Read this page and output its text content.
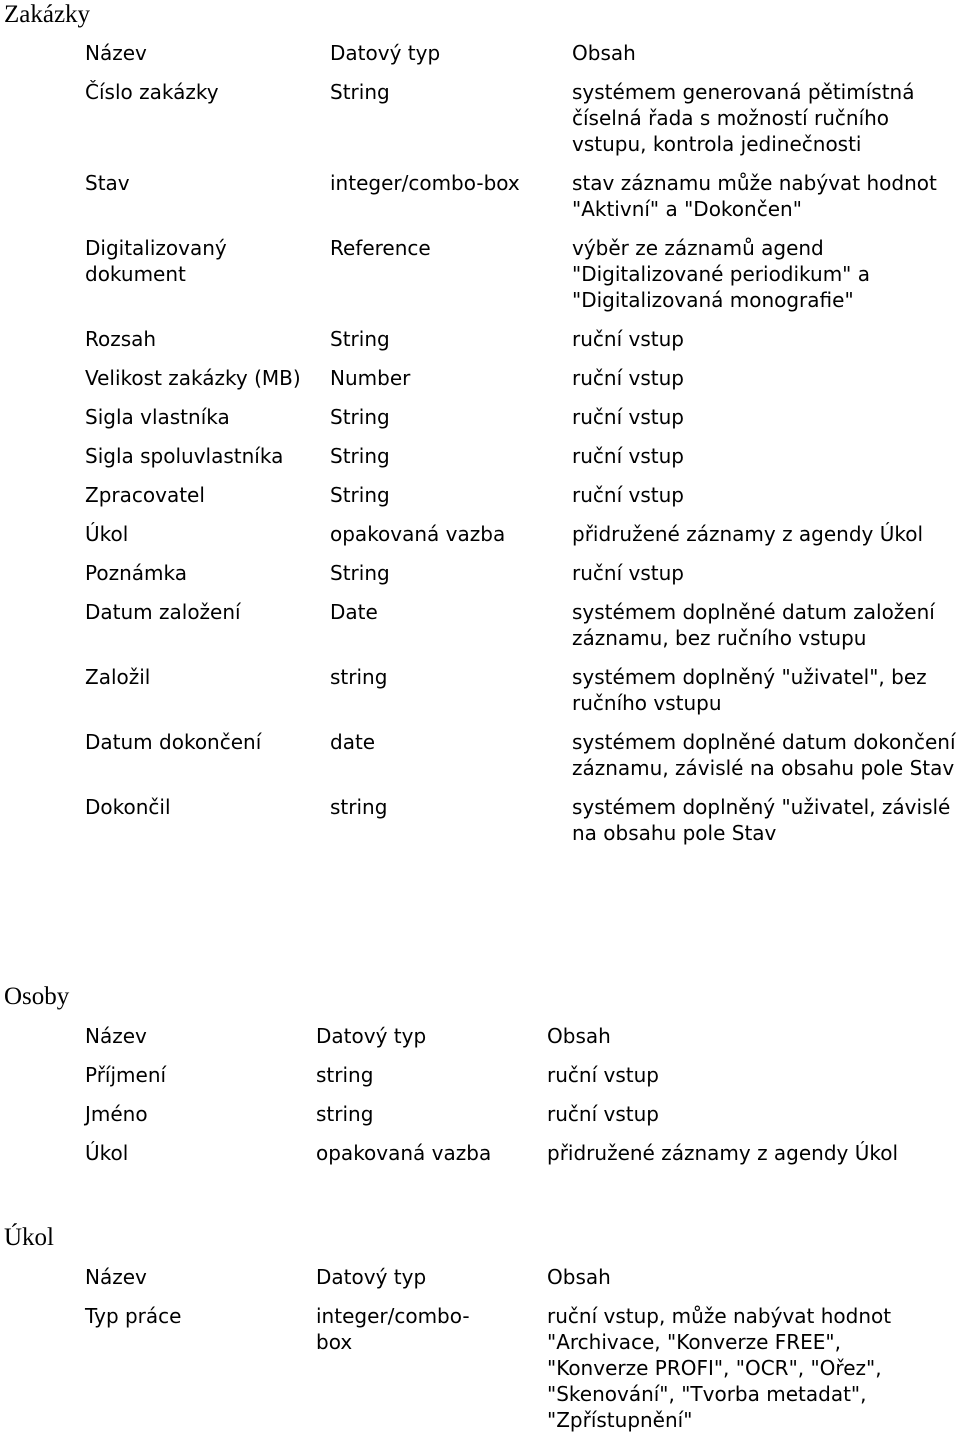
Zakázky
Název	Datový typ	Obsah
Číslo zakázky	String	systémem generovaná pětimístná číselná řada s možností ručního vstupu, kontrola jedinečnosti
Stav	integer/combo-box	stav záznamu může nabývat hodnot "Aktivní" a "Dokončen"
Digitalizovaný dokument	Reference	výběr ze záznamů agend "Digitalizované periodikum" a "Digitalizovaná monografie"
Rozsah	String	ruční vstup
Velikost zakázky (MB)	Number	ruční vstup
Sigla vlastníka	String	ruční vstup
Sigla spoluvlastníka	String	ruční vstup
Zpracovatel	String	ruční vstup
Úkol	opakovaná vazba	přidružené záznamy z agendy Úkol
Poznámka	String	ruční vstup
Datum založení	Date	systémem doplněné datum založení záznamu, bez ručního vstupu
Založil	string	systémem doplněný "uživatel", bez ručního vstupu
Datum dokončení	date	systémem doplněné datum dokončení záznamu, závislé na obsahu pole Stav
Dokončil	string	systémem doplněný "uživatel, závislé na obsahu pole Stav
Osoby
Název	Datový typ	Obsah
Příjmení	string	ruční vstup
Jméno	string	ruční vstup
Úkol	opakovaná vazba	přidružené záznamy z agendy Úkol
Úkol
Název	Datový typ	Obsah
Typ práce	integer/combo-box	ruční vstup, může nabývat hodnot "Archivace, "Konverze FREE", "Konverze PROFI", "OCR", "Ořez", "Skenování", "Tvorba metadat", "Zpřístupnění"
